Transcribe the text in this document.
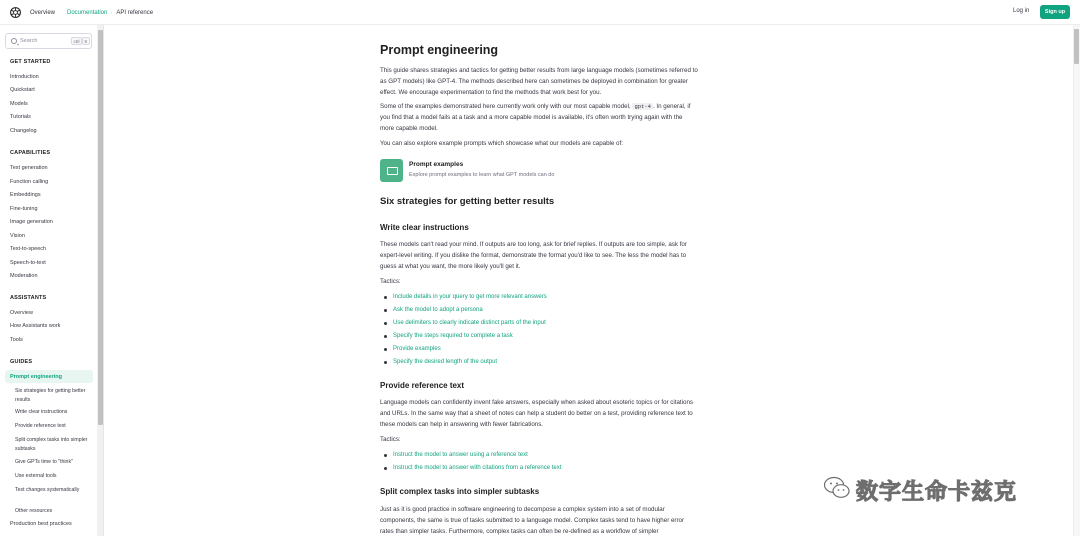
Overview Documentation · API reference	Log in	Sign up
Search	ctrl	K
GET STARTED
Introduction
Quickstart
Models
Tutorials
Changelog
CAPABILITIES
Text generation
Function calling
Embeddings
Fine-tuning
Image generation
Vision
Text-to-speech
Speech-to-text
Moderation
ASSISTANTS
Overview
How Assistants work
Tools
GUIDES
Prompt engineering
Six strategies for getting better results
Write clear instructions
Provide reference text
Split complex tasks into simpler subtasks
Give GPTs time to "think"
Use external tools
Test changes systematically
Other resources
Production best practices
Prompt engineering
This guide shares strategies and tactics for getting better results from large language models (sometimes referred to as GPT models) like GPT-4. The methods described here can sometimes be deployed in combination for greater effect. We encourage experimentation to find the methods that work best for you.
Some of the examples demonstrated here currently work only with our most capable model, gpt-4 . In general, if you find that a model fails at a task and a more capable model is available, it's often worth trying again with the more capable model.
You can also explore example prompts which showcase what our models are capable of:
Prompt examples
Explore prompt examples to learn what GPT models can do
Six strategies for getting better results
Write clear instructions
These models can't read your mind. If outputs are too long, ask for brief replies. If outputs are too simple, ask for expert-level writing. If you dislike the format, demonstrate the format you'd like to see. The less the model has to guess at what you want, the more likely you'll get it.
Tactics:
Include details in your query to get more relevant answers
Ask the model to adopt a persona
Use delimiters to clearly indicate distinct parts of the input
Specify the steps required to complete a task
Provide examples
Specify the desired length of the output
Provide reference text
Language models can confidently invent fake answers, especially when asked about esoteric topics or for citations and URLs. In the same way that a sheet of notes can help a student do better on a test, providing reference text to these models can help in answering with fewer fabrications.
Tactics:
Instruct the model to answer using a reference text
Instruct the model to answer with citations from a reference text
Split complex tasks into simpler subtasks
Just as it is good practice in software engineering to decompose a complex system into a set of modular components, the same is true of tasks submitted to a language model. Complex tasks tend to have higher error rates than simpler tasks. Furthermore, complex tasks can often be re-defined as a workflow of simpler
数字生命卡兹克
